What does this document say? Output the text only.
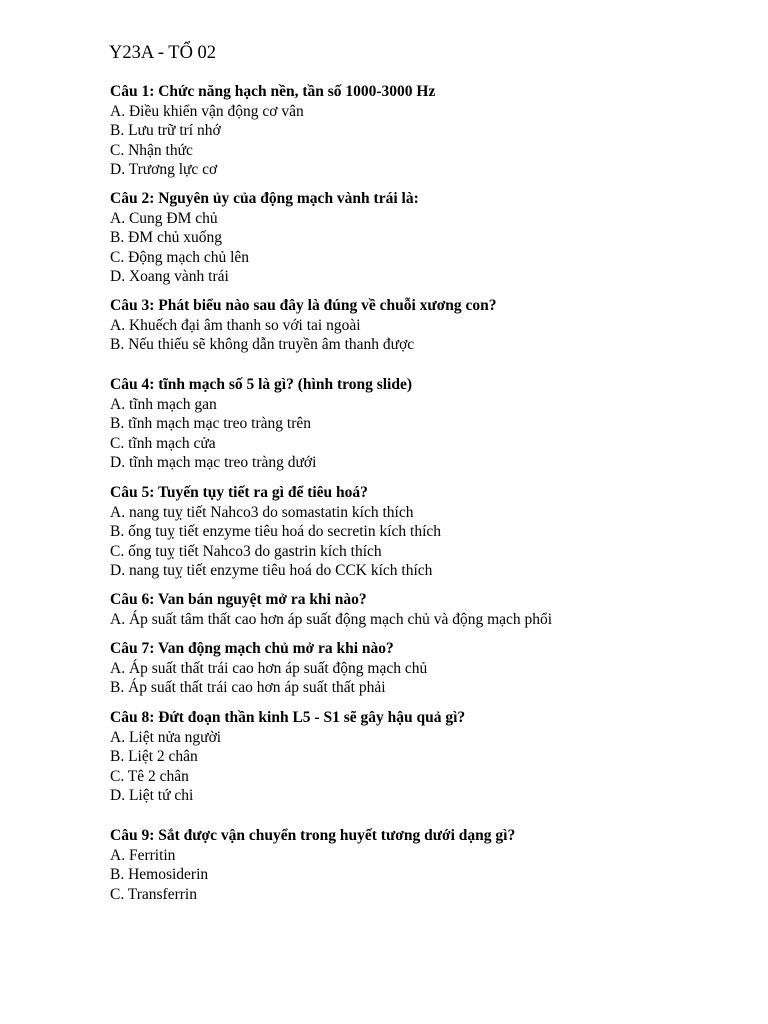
Y23A - TỔ 02
Câu 1: Chức năng hạch nền, tần số 1000-3000 Hz
A. Điều khiển vận động cơ vân
B. Lưu trữ trí nhớ
C. Nhận thức
D. Trương lực cơ
Câu 2: Nguyên ủy của động mạch vành trái là:
A. Cung ĐM chủ
B. ĐM chủ xuống
C. Động mạch chủ lên
D. Xoang vành trái
Câu 3: Phát biểu nào sau đây là đúng về chuỗi xương con?
A. Khuếch đại âm thanh so với tai ngoài
B. Nếu thiếu sẽ không dẫn truyền âm thanh được
Câu 4: tĩnh mạch số 5 là gì? (hình trong slide)
A. tĩnh mạch gan
B. tĩnh mạch mạc treo tràng trên
C. tĩnh mạch cửa
D. tĩnh mạch mạc treo tràng dưới
Câu 5: Tuyến tụy tiết ra gì để tiêu hoá?
A. nang tuỵ tiết Nahco3 do somastatin kích thích
B. ống tuỵ tiết enzyme tiêu hoá do secretin kích thích
C. ống tuỵ tiết Nahco3 do gastrin kích thích
D. nang tuỵ tiết enzyme tiêu hoá do CCK kích thích
Câu 6: Van bán nguyệt mở ra khi nào?
A. Áp suất tâm thất cao hơn áp suất động mạch chủ và động mạch phổi
Câu 7: Van động mạch chủ mở ra khi nào?
A. Áp suất thất trái cao hơn áp suất động mạch chủ
B. Áp suất thất trái cao hơn áp suất thất phải
Câu 8: Đứt đoạn thần kinh L5 - S1 sẽ gây hậu quả gì?
A. Liệt nửa người
B. Liệt 2 chân
C. Tê 2 chân
D. Liệt tứ chi
Câu 9: Sắt được vận chuyển trong huyết tương dưới dạng gì?
A. Ferritin
B. Hemosiderin
C. Transferrin
